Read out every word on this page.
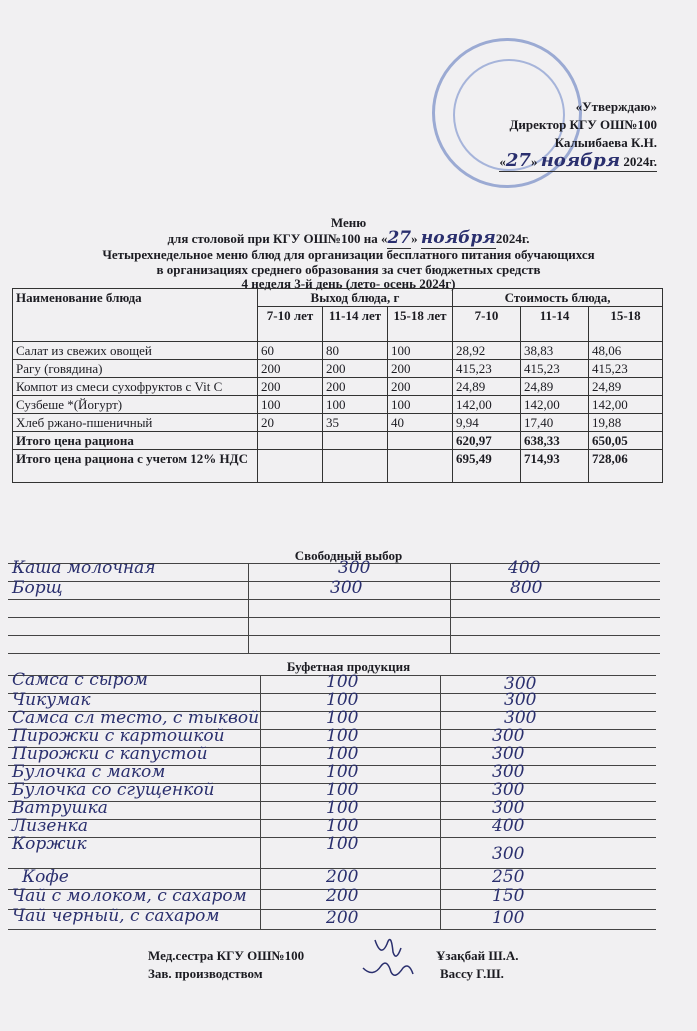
«Утверждаю»
Директор КГУ ОШ№100
Калыибаева К.Н.
«27» ноября 2024г.
Меню
для столовой при КГУ ОШ№100 на «27» ноября2024г.
Четырехнедельное меню блюд для организации бесплатного питания обучающихся
в организациях среднего образования за счет бюджетных средств
4 неделя 3-й день (лето- осень 2024г)
Наименование блюда	Выход блюда, г			Стоимость блюда,		
	7-10 лет	11-14 лет	15-18 лет	7-10	11-14	15-18
Салат из свежих овощей	60	80	100	28,92	38,83	48,06
Рагу (говядина)	200	200	200	415,23	415,23	415,23
Компот из смеси сухофруктов с Vit C	200	200	200	24,89	24,89	24,89
Сузбеше *(Йогурт)	100	100	100	142,00	142,00	142,00
Хлеб ржано-пшеничный	20	35	40	9,94	17,40	19,88
Итого цена рациона				620,97	638,33	650,05
Итого цена рациона с учетом 12% НДС				695,49	714,93	728,06
Свободный выбор
Каша молочная	300	400
Борщ	300	800
Буфетная продукция
Самса с сыром	100	300
Чикумак	100	300
Самса сл тесто, с тыквой	100	300
Пирожки с картошкой	100	300
Пирожки с капустой	100	300
Булочка с маком	100	300
Булочка со сгущенкой	100	300
Ватрушка	100	300
Лизенка	100	400
Коржик	100	300
Кофе	200	250
Чай с молоком, с сахаром	200	150
Чай черный, с сахаром	200	100
Мед.сестра КГУ ОШ№100	Ұзақбай Ш.А.
Зав. производством	Вассу Г.Ш.
